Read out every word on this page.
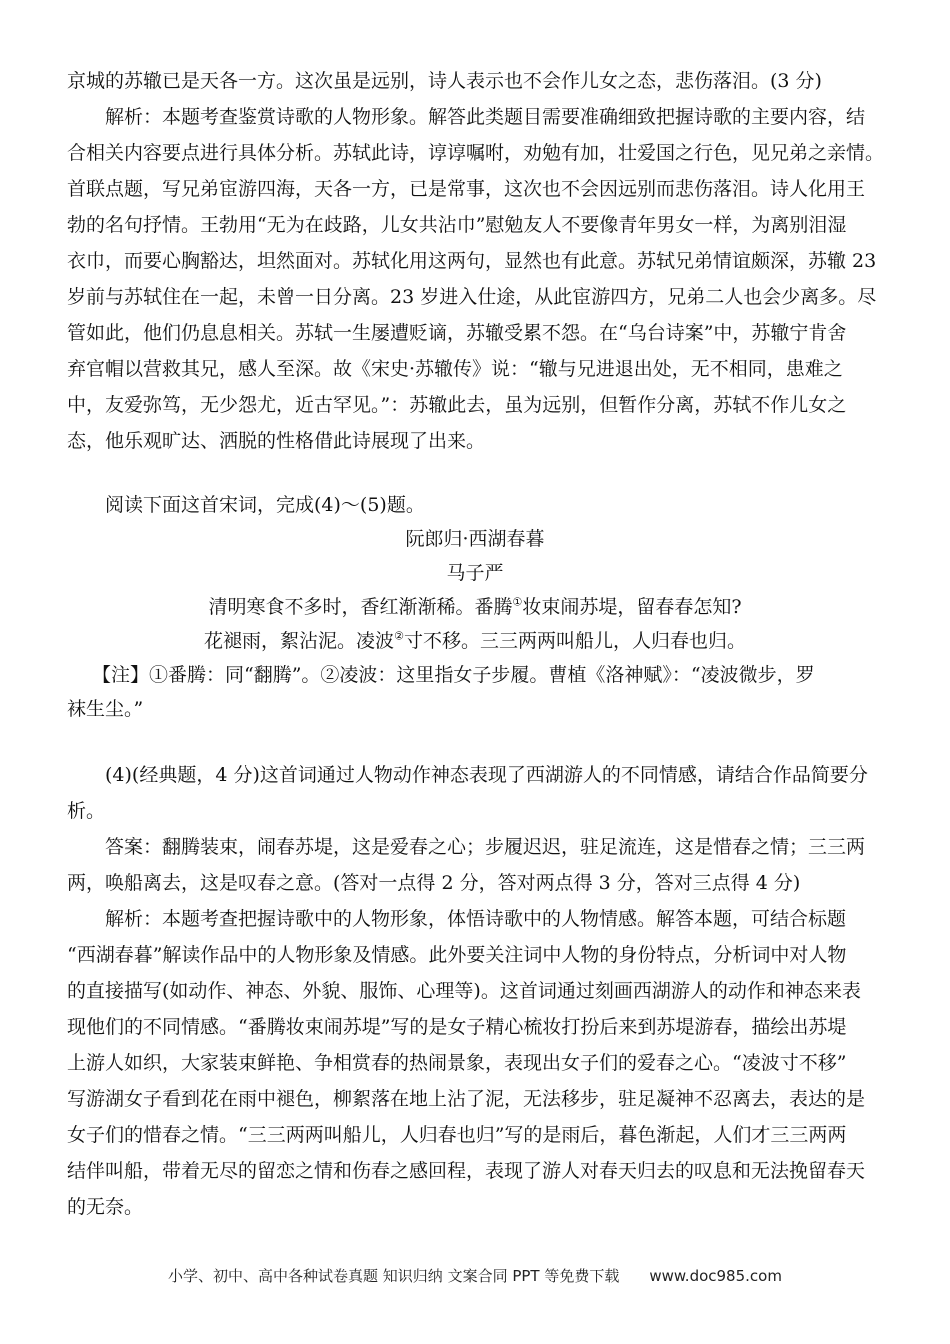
京城的苏辙已是天各一方。这次虽是远别，诗人表示也不会作儿女之态，悲伤落泪。(3 分)
解析：本题考查鉴赏诗歌的人物形象。解答此类题目需要准确细致把握诗歌的主要内容，结
合相关内容要点进行具体分析。苏轼此诗，谆谆嘱咐，劝勉有加，壮爱国之行色，见兄弟之亲情。
首联点题，写兄弟宦游四海，天各一方，已是常事，这次也不会因远别而悲伤落泪。诗人化用王
勃的名句抒情。王勃用“无为在歧路，儿女共沾巾”慰勉友人不要像青年男女一样，为离别泪湿
衣巾，而要心胸豁达，坦然面对。苏轼化用这两句，显然也有此意。苏轼兄弟情谊颇深，苏辙 23
岁前与苏轼住在一起，未曾一日分离。23 岁进入仕途，从此宦游四方，兄弟二人也会少离多。尽
管如此，他们仍息息相关。苏轼一生屡遭贬谪，苏辙受累不怨。在“乌台诗案”中，苏辙宁肯舍
弃官帽以营救其兄，感人至深。故《宋史·苏辙传》说：“辙与兄进退出处，无不相同，患难之
中，友爱弥笃，无少怨尤，近古罕见。”：苏辙此去，虽为远别，但暂作分离，苏轼不作儿女之
态，他乐观旷达、洒脱的性格借此诗展现了出来。
阅读下面这首宋词，完成(4)～(5)题。
阮郎归·西湖春暮
马子严
清明寒食不多时，香红渐渐稀。番腾①妆束闹苏堤，留春春怎知?
花褪雨，絮沾泥。凌波②寸不移。三三两两叫船儿，人归春也归。
【注】①番腾：同“翻腾”。②凌波：这里指女子步履。曹植《洛神赋》：“凌波微步，罗
袜生尘。”
(4)(经典题，4 分)这首词通过人物动作神态表现了西湖游人的不同情感，请结合作品简要分
析。
答案：翻腾装束，闹春苏堤，这是爱春之心；步履迟迟，驻足流连，这是惜春之情；三三两
两，唤船离去，这是叹春之意。(答对一点得 2 分，答对两点得 3 分，答对三点得 4 分)
解析：本题考查把握诗歌中的人物形象，体悟诗歌中的人物情感。解答本题，可结合标题
“西湖春暮”解读作品中的人物形象及情感。此外要关注词中人物的身份特点，分析词中对人物
的直接描写(如动作、神态、外貌、服饰、心理等)。这首词通过刻画西湖游人的动作和神态来表
现他们的不同情感。“番腾妆束闹苏堤”写的是女子精心梳妆打扮后来到苏堤游春，描绘出苏堤
上游人如织，大家装束鲜艳、争相赏春的热闹景象，表现出女子们的爱春之心。“凌波寸不移”
写游湖女子看到花在雨中褪色，柳絮落在地上沾了泥，无法移步，驻足凝神不忍离去，表达的是
女子们的惜春之情。“三三两两叫船儿，人归春也归”写的是雨后，暮色渐起，人们才三三两两
结伴叫船，带着无尽的留恋之情和伤春之感回程，表现了游人对春天归去的叹息和无法挽留春天
的无奈。
小学、初中、高中各种试卷真题 知识归纳 文案合同 PPT 等免费下载 www.doc985.com
